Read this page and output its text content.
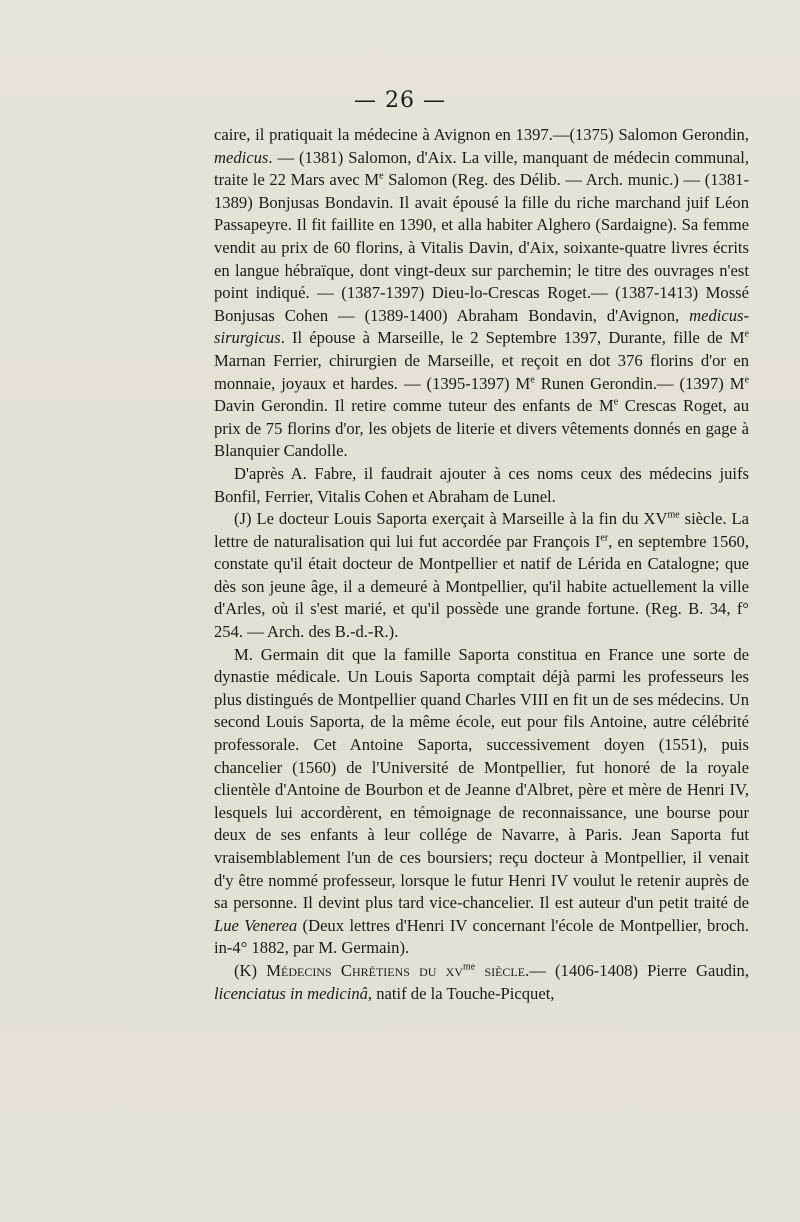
— 26 —

caire, il pratiquait la médecine à Avignon en 1397.—(1375) Salomon Gerondin, medicus. — (1381) Salomon, d'Aix. La ville, manquant de médecin communal, traite le 22 Mars avec Me Salomon (Reg. des Délib. — Arch. munic.) — (1381-1389) Bonjusas Bondavin. Il avait épousé la fille du riche marchand juif Léon Passapeyre. Il fit faillite en 1390, et alla habiter Alghero (Sardaigne). Sa femme vendit au prix de 60 florins, à Vitalis Davin, d'Aix, soixante-quatre livres écrits en langue hébraïque, dont vingt-deux sur parchemin; le titre des ouvrages n'est point indiqué. — (1387-1397) Dieu-lo-Crescas Roget.— (1387-1413) Mossé Bonjusas Cohen — (1389-1400) Abraham Bondavin, d'Avignon, medicus-sirurgicus. Il épouse à Marseille, le 2 Septembre 1397, Durante, fille de Me Marnan Ferrier, chirurgien de Marseille, et reçoit en dot 376 florins d'or en monnaie, joyaux et hardes. — (1395-1397) Me Runen Gerondin.— (1397) Me Davin Gerondin. Il retire comme tuteur des enfants de Me Crescas Roget, au prix de 75 florins d'or, les objets de literie et divers vêtements donnés en gage à Blanquier Candolle.

D'après A. Fabre, il faudrait ajouter à ces noms ceux des médecins juifs Bonfil, Ferrier, Vitalis Cohen et Abraham de Lunel.

(J) Le docteur Louis Saporta exerçait à Marseille à la fin du $XV^{me}$ siècle. La lettre de naturalisation qui lui fut accordée par François Ier, en septembre 1560, constate qu'il était docteur de Montpellier et natif de Lérida en Catalogne; que dès son jeune âge, il a demeuré à Montpellier, qu'il habite actuellement la ville d'Arles, où il s'est marié, et qu'il possède une grande fortune. (Reg. B. 34, f° 254. — Arch. des B.-d.-R.).

M. Germain dit que la famille Saporta constitua en France une sorte de dynastie médicale. Un Louis Saporta comptait déjà parmi les professeurs les plus distingués de Montpellier quand Charles VIII en fit un de ses médecins. Un second Louis Saporta, de la même école, eut pour fils Antoine, autre célébrité professorale. Cet Antoine Saporta, successivement doyen (1551), puis chancelier (1560) de l'Université de Montpellier, fut honoré de la royale clientèle d'Antoine de Bourbon et de Jeanne d'Albret, père et mère de Henri IV, lesquels lui accordèrent, en témoignage de reconnaissance, une bourse pour deux de ses enfants à leur collége de Navarre, à Paris. Jean Saporta fut vraisemblablement l'un de ces boursiers; reçu docteur à Montpellier, il venait d'y être nommé professeur, lorsque le futur Henri IV voulut le retenir auprès de sa personne. Il devint plus tard vice-chancelier. Il est auteur d'un petit traité de Lue Venerea (Deux lettres d'Henri IV concernant l'école de Montpellier, broch. in-4° 1882, par M. Germain).

(K) Médecins Chrétiens du $xv^{me}$ siècle.— (1406-1408) Pierre Gaudin, licenciatus in medicinâ, natif de la Touche-Picquet,
